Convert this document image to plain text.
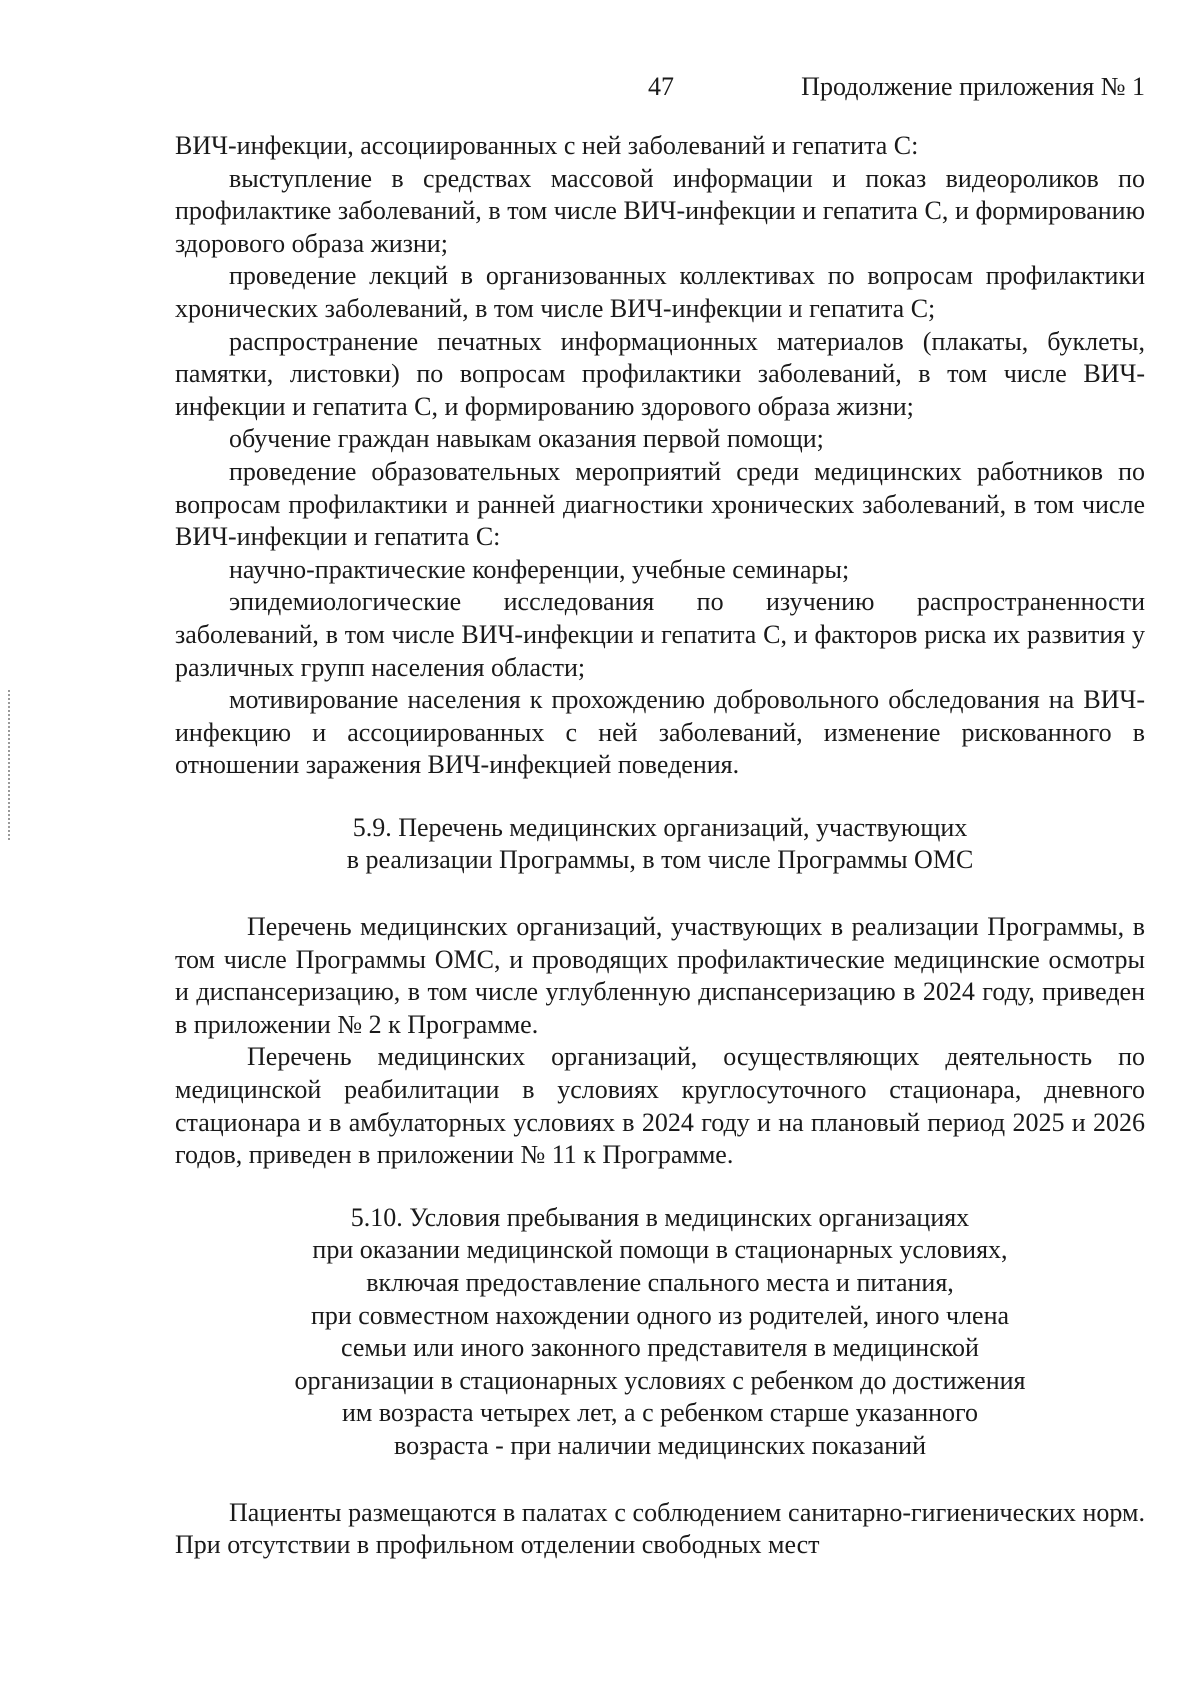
47	Продолжение приложения № 1

ВИЧ-инфекции, ассоциированных с ней заболеваний и гепатита С:

выступление в средствах массовой информации и показ видеороликов по профилактике заболеваний, в том числе ВИЧ-инфекции и гепатита С, и формированию здорового образа жизни;

проведение лекций в организованных коллективах по вопросам профилактики хронических заболеваний, в том числе ВИЧ-инфекции и гепатита С;

распространение печатных информационных материалов (плакаты, буклеты, памятки, листовки) по вопросам профилактики заболеваний, в том числе ВИЧ-инфекции и гепатита С, и формированию здорового образа жизни;

обучение граждан навыкам оказания первой помощи;

проведение образовательных мероприятий среди медицинских работников по вопросам профилактики и ранней диагностики хронических заболеваний, в том числе ВИЧ-инфекции и гепатита С:

научно-практические конференции, учебные семинары;

эпидемиологические исследования по изучению распространенности заболеваний, в том числе ВИЧ-инфекции и гепатита С, и факторов риска их развития у различных групп населения области;

мотивирование населения к прохождению добровольного обследования на ВИЧ-инфекцию и ассоциированных с ней заболеваний, изменение рискованного в отношении заражения ВИЧ-инфекцией поведения.

5.9. Перечень медицинских организаций, участвующих

в реализации Программы, в том числе Программы ОМС

Перечень медицинских организаций, участвующих в реализации Программы, в том числе Программы ОМС, и проводящих профилактические медицинские осмотры и диспансеризацию, в том числе углубленную диспансеризацию в 2024 году, приведен в приложении № 2 к Программе.

Перечень медицинских организаций, осуществляющих деятельность по медицинской реабилитации в условиях круглосуточного стационара, дневного стационара и в амбулаторных условиях в 2024 году и на плановый период 2025 и 2026 годов, приведен в приложении № 11 к Программе.

5.10. Условия пребывания в медицинских организациях

при оказании медицинской помощи в стационарных условиях,

включая предоставление спального места и питания,

при совместном нахождении одного из родителей, иного члена

семьи или иного законного представителя в медицинской

организации в стационарных условиях с ребенком до достижения

им возраста четырех лет, а с ребенком старше указанного

возраста - при наличии медицинских показаний

Пациенты размещаются в палатах с соблюдением санитарно-гигиенических норм. При отсутствии в профильном отделении свободных мест
